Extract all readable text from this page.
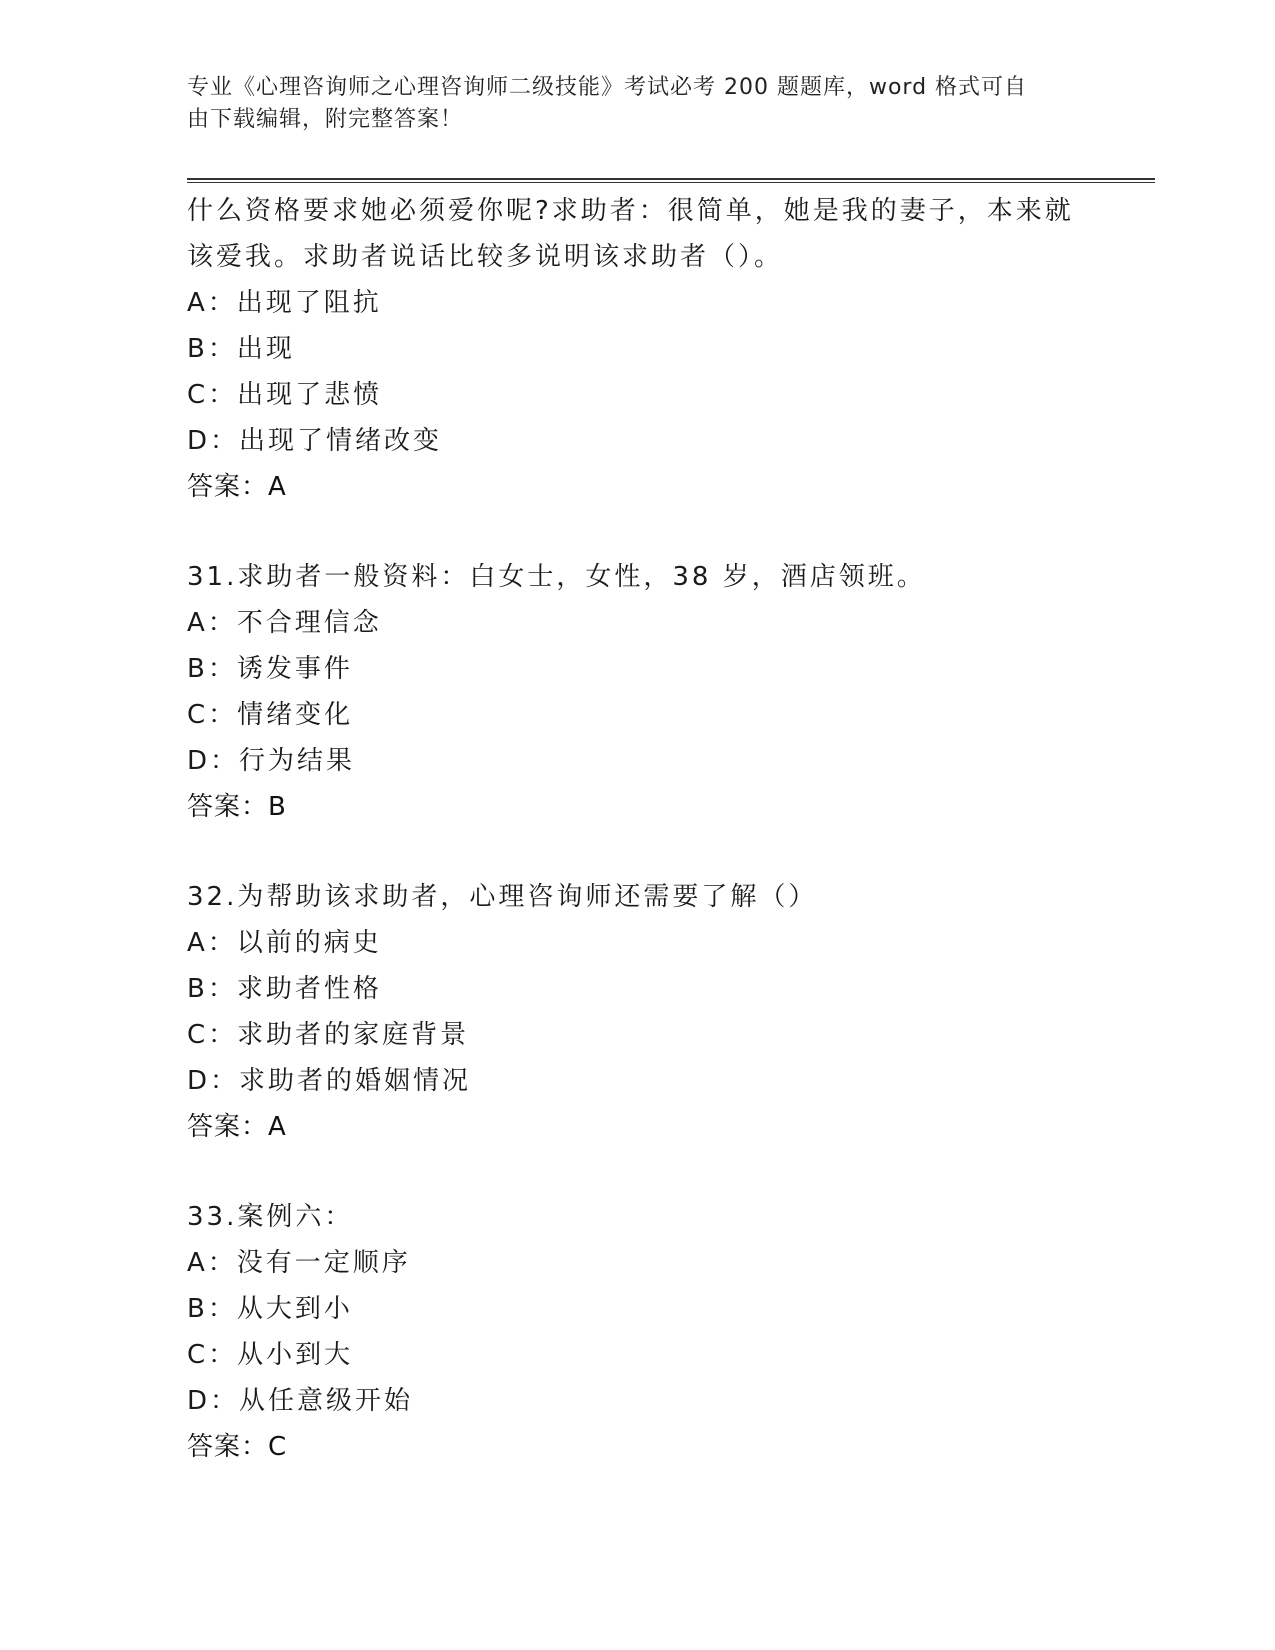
专业《心理咨询师之心理咨询师二级技能》考试必考 200 题题库，word 格式可自
由下载编辑，附完整答案！
什么资格要求她必须爱你呢?求助者：很简单，她是我的妻子，本来就
该爱我。求助者说话比较多说明该求助者（）。
A：出现了阻抗
B：出现
C：出现了悲愤
D：出现了情绪改变
答案：A
31.求助者一般资料：白女士，女性，38 岁，酒店领班。
A：不合理信念
B：诱发事件
C：情绪变化
D：行为结果
答案：B
32.为帮助该求助者，心理咨询师还需要了解（）
A：以前的病史
B：求助者性格
C：求助者的家庭背景
D：求助者的婚姻情况
答案：A
33.案例六：
A：没有一定顺序
B：从大到小
C：从小到大
D：从任意级开始
答案：C
